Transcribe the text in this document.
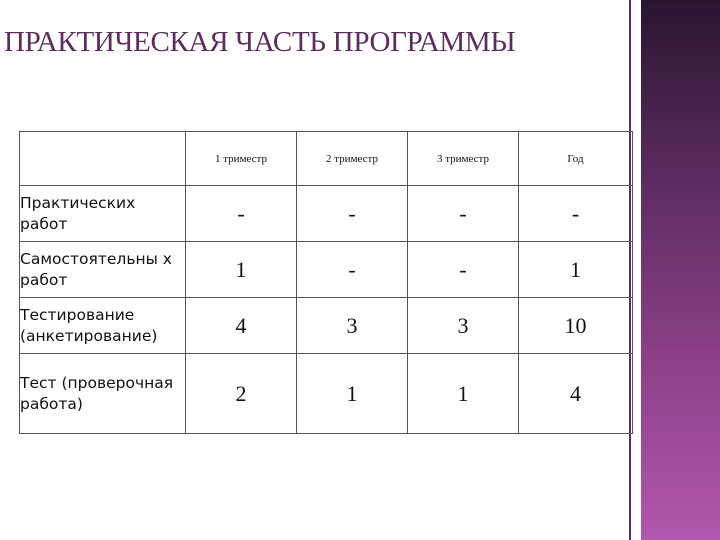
ПРАКТИЧЕСКАЯ ЧАСТЬ ПРОГРАММЫ
	1 триместр	2 триместр	3 триместр	Год
Практических работ	-	-	-	-
Самостоятельны х работ	1	-	-	1
Тестирование (анкетирование)	4	3	3	10
Тест (проверочная работа)	2	1	1	4
